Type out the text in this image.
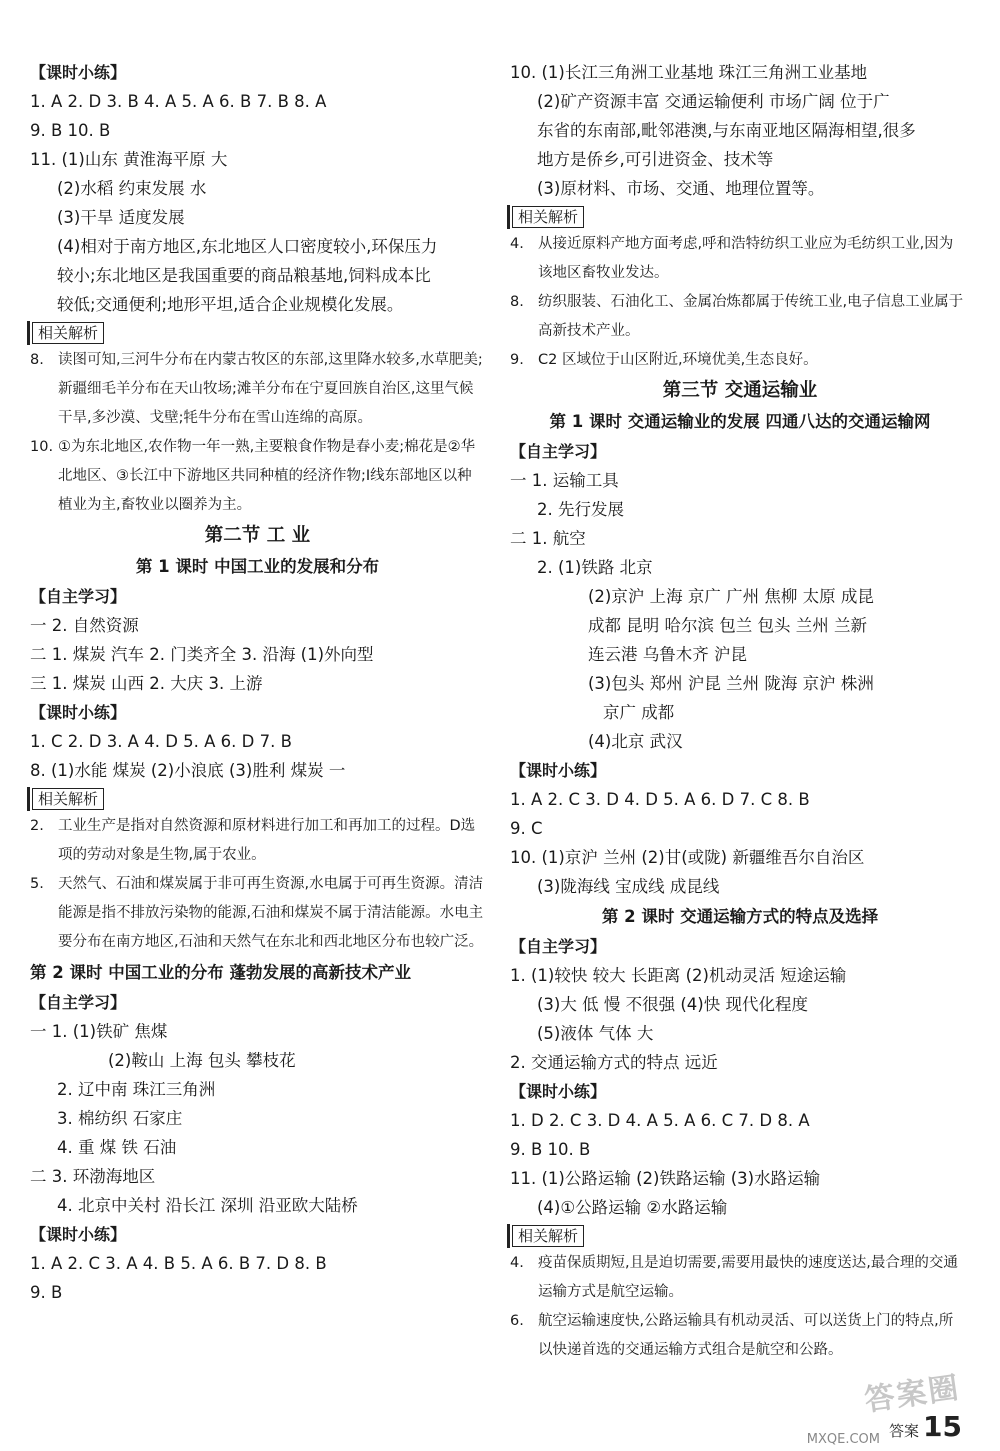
【课时小练】
1. A 2. D 3. B 4. A 5. A 6. B 7. B 8. A
9. B 10. B
11. (1)山东 黄淮海平原 大
(2)水稻 约束发展 水
(3)干旱 适度发展
(4)相对于南方地区,东北地区人口密度较小,环保压力
较小;东北地区是我国重要的商品粮基地,饲料成本比
较低;交通便利;地形平坦,适合企业规模化发展。
相关解析
8. 读图可知,三河牛分布在内蒙古牧区的东部,这里降水较多,水草肥美;新疆细毛羊分布在天山牧场;滩羊分布在宁夏回族自治区,这里气候干旱,多沙漠、戈壁;牦牛分布在雪山连绵的高原。
10. ①为东北地区,农作物一年一熟,主要粮食作物是春小麦;棉花是②华北地区、③长江中下游地区共同种植的经济作物;Ⅰ线东部地区以种植业为主,畜牧业以圈养为主。
第二节 工 业
第 1 课时 中国工业的发展和分布
【自主学习】
一 2. 自然资源
二 1. 煤炭 汽车 2. 门类齐全 3. 沿海 (1)外向型
三 1. 煤炭 山西 2. 大庆 3. 上游
【课时小练】
1. C 2. D 3. A 4. D 5. A 6. D 7. B
8. (1)水能 煤炭 (2)小浪底 (3)胜利 煤炭 一
相关解析
2. 工业生产是指对自然资源和原材料进行加工和再加工的过程。D选项的劳动对象是生物,属于农业。
5. 天然气、石油和煤炭属于非可再生资源,水电属于可再生资源。清洁能源是指不排放污染物的能源,石油和煤炭不属于清洁能源。水电主要分布在南方地区,石油和天然气在东北和西北地区分布也较广泛。
第 2 课时 中国工业的分布 蓬勃发展的高新技术产业
【自主学习】
一 1. (1)铁矿 焦煤
(2)鞍山 上海 包头 攀枝花
2. 辽中南 珠江三角洲
3. 棉纺织 石家庄
4. 重 煤 铁 石油
二 3. 环渤海地区
4. 北京中关村 沿长江 深圳 沿亚欧大陆桥
【课时小练】
1. A 2. C 3. A 4. B 5. A 6. B 7. D 8. B
9. B
10. (1)长江三角洲工业基地 珠江三角洲工业基地
(2)矿产资源丰富 交通运输便利 市场广阔 位于广
东省的东南部,毗邻港澳,与东南亚地区隔海相望,很多
地方是侨乡,可引进资金、技术等
(3)原材料、市场、交通、地理位置等。
相关解析
4. 从接近原料产地方面考虑,呼和浩特纺织工业应为毛纺织工业,因为该地区畜牧业发达。
8. 纺织服装、石油化工、金属冶炼都属于传统工业,电子信息工业属于高新技术产业。
9. C2 区域位于山区附近,环境优美,生态良好。
第三节 交通运输业
第 1 课时 交通运输业的发展 四通八达的交通运输网
【自主学习】
一 1. 运输工具
2. 先行发展
二 1. 航空
2. (1)铁路 北京
(2)京沪 上海 京广 广州 焦柳 太原 成昆
成都 昆明 哈尔滨 包兰 包头 兰州 兰新
连云港 乌鲁木齐 沪昆
(3)包头 郑州 沪昆 兰州 陇海 京沪 株洲
京广 成都
(4)北京 武汉
【课时小练】
1. A 2. C 3. D 4. D 5. A 6. D 7. C 8. B
9. C
10. (1)京沪 兰州 (2)甘(或陇) 新疆维吾尔自治区
(3)陇海线 宝成线 成昆线
第 2 课时 交通运输方式的特点及选择
【自主学习】
1. (1)较快 较大 长距离 (2)机动灵活 短途运输
(3)大 低 慢 不很强 (4)快 现代化程度
(5)液体 气体 大
2. 交通运输方式的特点 远近
【课时小练】
1. D 2. C 3. D 4. A 5. A 6. C 7. D 8. A
9. B 10. B
11. (1)公路运输 (2)铁路运输 (3)水路运输
(4)①公路运输 ②水路运输
相关解析
4. 疫苗保质期短,且是迫切需要,需要用最快的速度送达,最合理的交通运输方式是航空运输。
6. 航空运输速度快,公路运输具有机动灵活、可以送货上门的特点,所以快递首选的交通运输方式组合是航空和公路。
答案圈
MXQE.COM 答案 15
